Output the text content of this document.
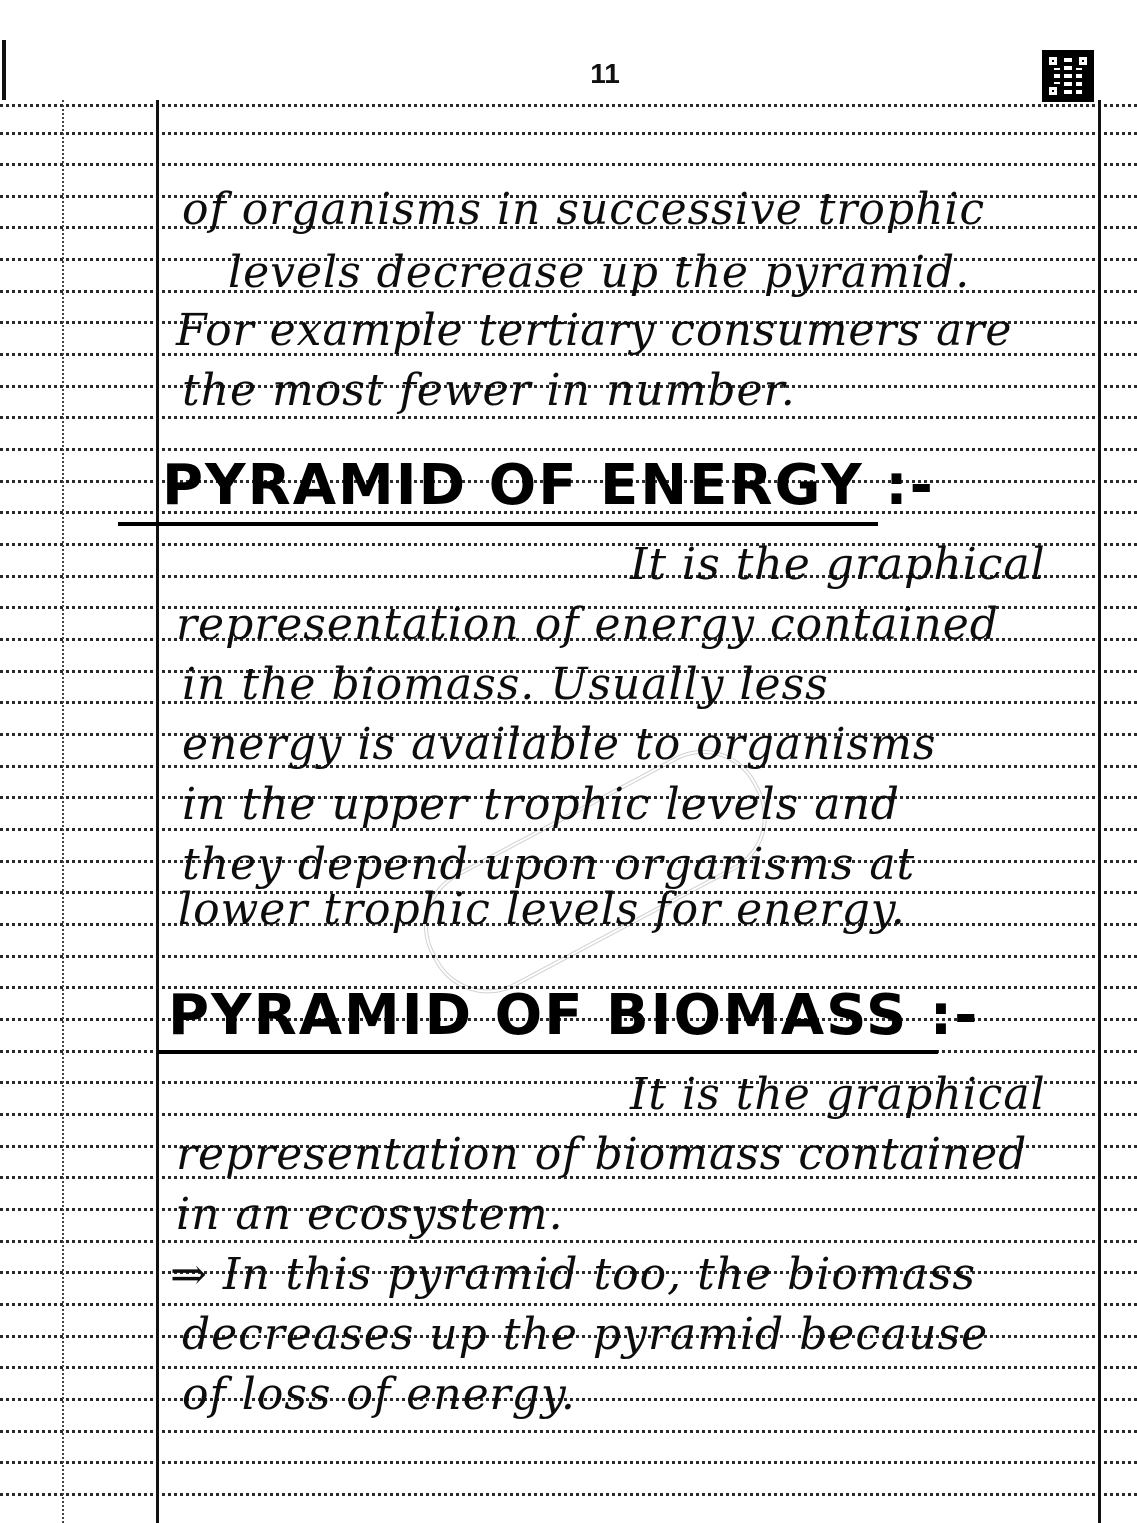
11
of organisms in successive trophic
levels decrease up the pyramid.
For example tertiary consumers are
the most fewer in number.
PYRAMID OF ENERGY :-
It is the graphical
representation of energy contained
in the biomass. Usually less
energy is available to organisms
in the upper trophic levels and
they depend upon organisms at
lower trophic levels for energy.
PYRAMID OF BIOMASS :-
It is the graphical
representation of biomass contained
in an ecosystem.
⇒ In this pyramid too, the biomass
decreases up the pyramid because
of loss of energy.
